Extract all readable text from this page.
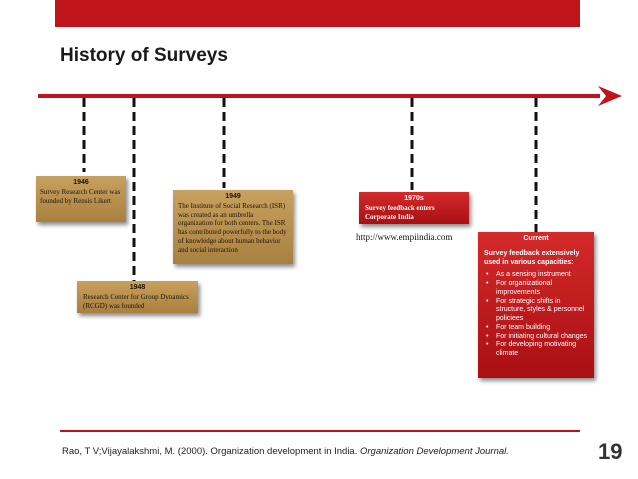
History of Surveys
1946
Survey Research Center was founded by Rensis Likert
1948
Research Center for Group Dynamics (RCGD) was founded
1949
The Institute of Social Research (ISR) was created as an umbrella organization for both centers. The ISR has contributed powerfully to the body of knowledge about human behavior and social interaction
1970s
Survey feedback enters Corporate India
http://www.empiindia.com	Current
Survey feedback extensively used in various capacities:
• As a sensing instrument
• For organizational improvements
• For strategic shifts in structure, styles & personnel policiees
• For team building
• For initiating cultural changes
• For developing motivating climate
Rao, T V;Vijayalakshmi, M. (2000). Organization development in India. Organization Development Journal.	19
